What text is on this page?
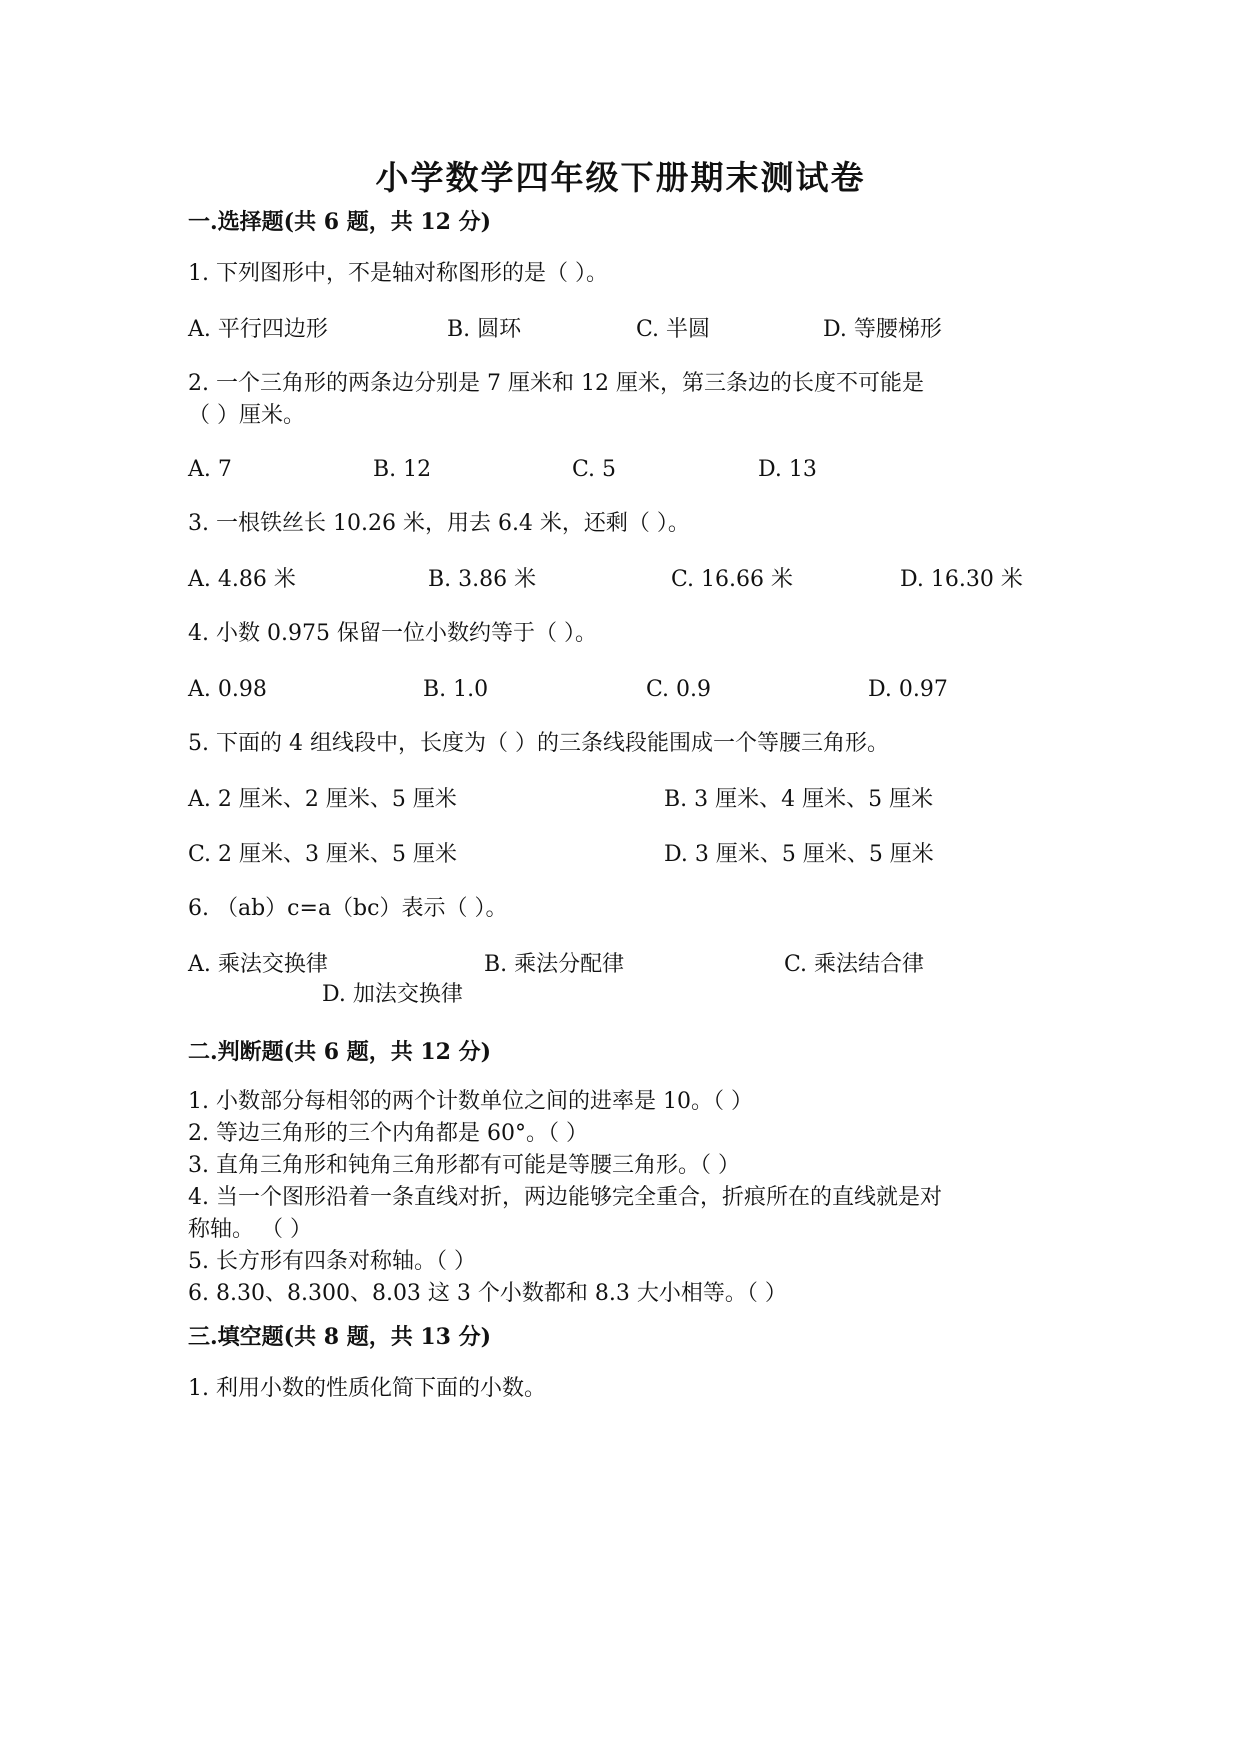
小学数学四年级下册期末测试卷
一.选择题(共 6 题，共 12 分)
1. 下列图形中，不是轴对称图形的是（ ）。
A. 平行四边形	B. 圆环	C. 半圆	D. 等腰梯形
2. 一个三角形的两条边分别是 7 厘米和 12 厘米，第三条边的长度不可能是
（ ）厘米。
A. 7	B. 12	C. 5	D. 13
3. 一根铁丝长 10.26 米，用去 6.4 米，还剩（ ）。
A. 4.86 米	B. 3.86 米	C. 16.66 米	D. 16.30 米
4. 小数 0.975 保留一位小数约等于（ ）。
A. 0.98	B. 1.0	C. 0.9	D. 0.97
5. 下面的 4 组线段中，长度为（ ）的三条线段能围成一个等腰三角形。
A. 2 厘米、2 厘米、5 厘米	B. 3 厘米、4 厘米、5 厘米
C. 2 厘米、3 厘米、5 厘米	D. 3 厘米、5 厘米、5 厘米
6. （ab）c=a（bc）表示（ ）。
A. 乘法交换律	B. 乘法分配律	C. 乘法结合律
D. 加法交换律
二.判断题(共 6 题，共 12 分)
1. 小数部分每相邻的两个计数单位之间的进率是 10。（ ）
2. 等边三角形的三个内角都是 60°。（ ）
3. 直角三角形和钝角三角形都有可能是等腰三角形。（ ）
4. 当一个图形沿着一条直线对折，两边能够完全重合，折痕所在的直线就是对
称轴。 （ ）
5. 长方形有四条对称轴。（ ）
6. 8.30、8.300、8.03 这 3 个小数都和 8.3 大小相等。（ ）
三.填空题(共 8 题，共 13 分)
1. 利用小数的性质化简下面的小数。
